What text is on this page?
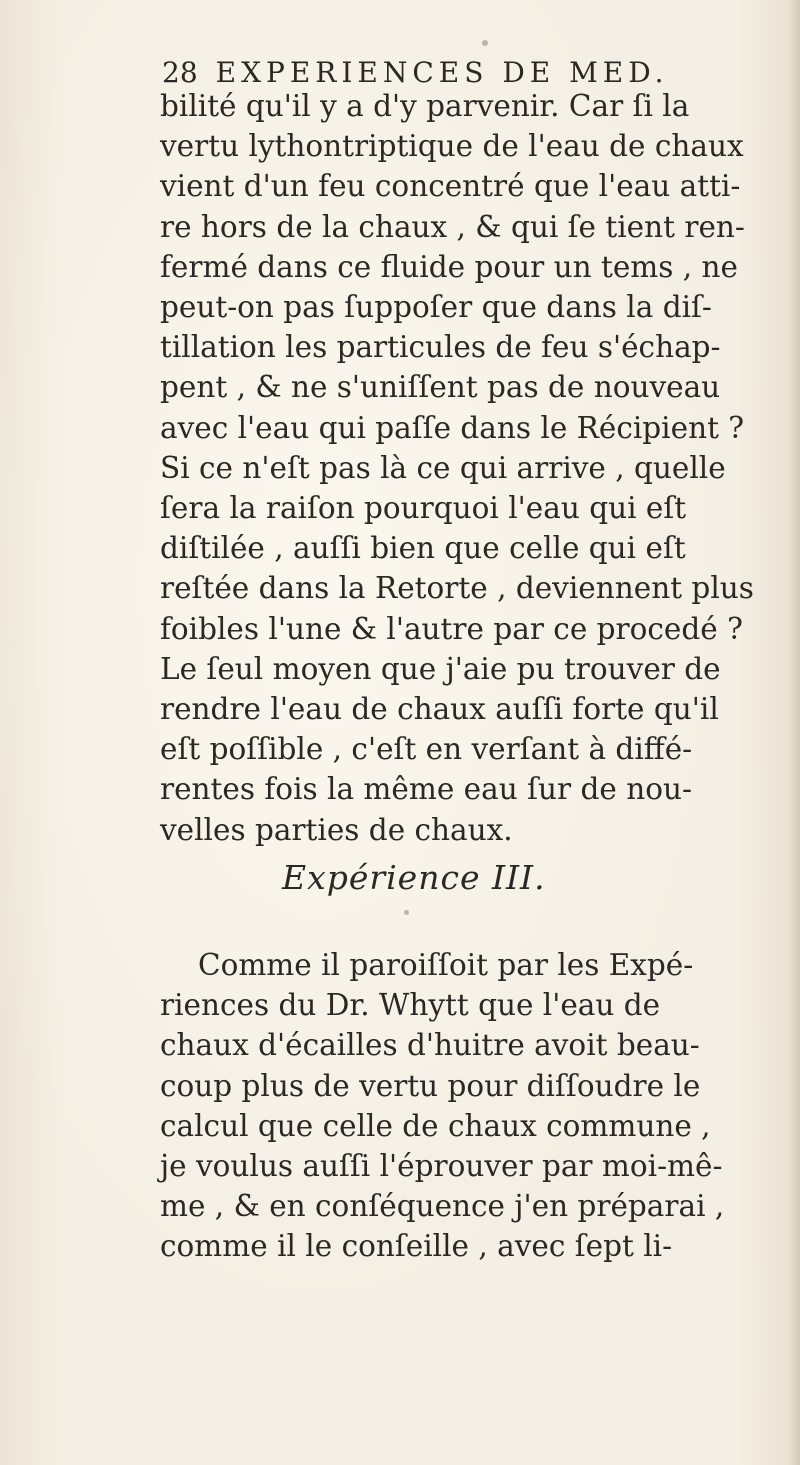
28 EXPERIENCES DE MED.
bilité qu'il y a d'y parvenir. Car ſi la
vertu lythontriptique de l'eau de chaux
vient d'un feu concentré que l'eau atti-
re hors de la chaux , & qui ſe tient ren-
fermé dans ce fluide pour un tems , ne
peut-on pas ſuppoſer que dans la diſ-
tillation les particules de feu s'échap-
pent , & ne s'uniſſent pas de nouveau
avec l'eau qui paſſe dans le Récipient ?
Si ce n'eſt pas là ce qui arrive , quelle
ſera la raiſon pourquoi l'eau qui eſt
diſtilée , auſſi bien que celle qui eſt
reſtée dans la Retorte , deviennent plus
foibles l'une & l'autre par ce procedé ?
Le ſeul moyen que j'aie pu trouver de
rendre l'eau de chaux auſſi forte qu'il
eſt poſſible , c'eſt en verſant à diffé-
rentes fois la même eau ſur de nou-
velles parties de chaux.
Expérience III.
Comme il paroiſſoit par les Expé-
riences du Dr. Whytt que l'eau de
chaux d'écailles d'huitre avoit beau-
coup plus de vertu pour diſſoudre le
calcul que celle de chaux commune ,
je voulus auſſi l'éprouver par moi-mê-
me , & en conſéquence j'en préparai ,
comme il le conſeille , avec ſept li-
